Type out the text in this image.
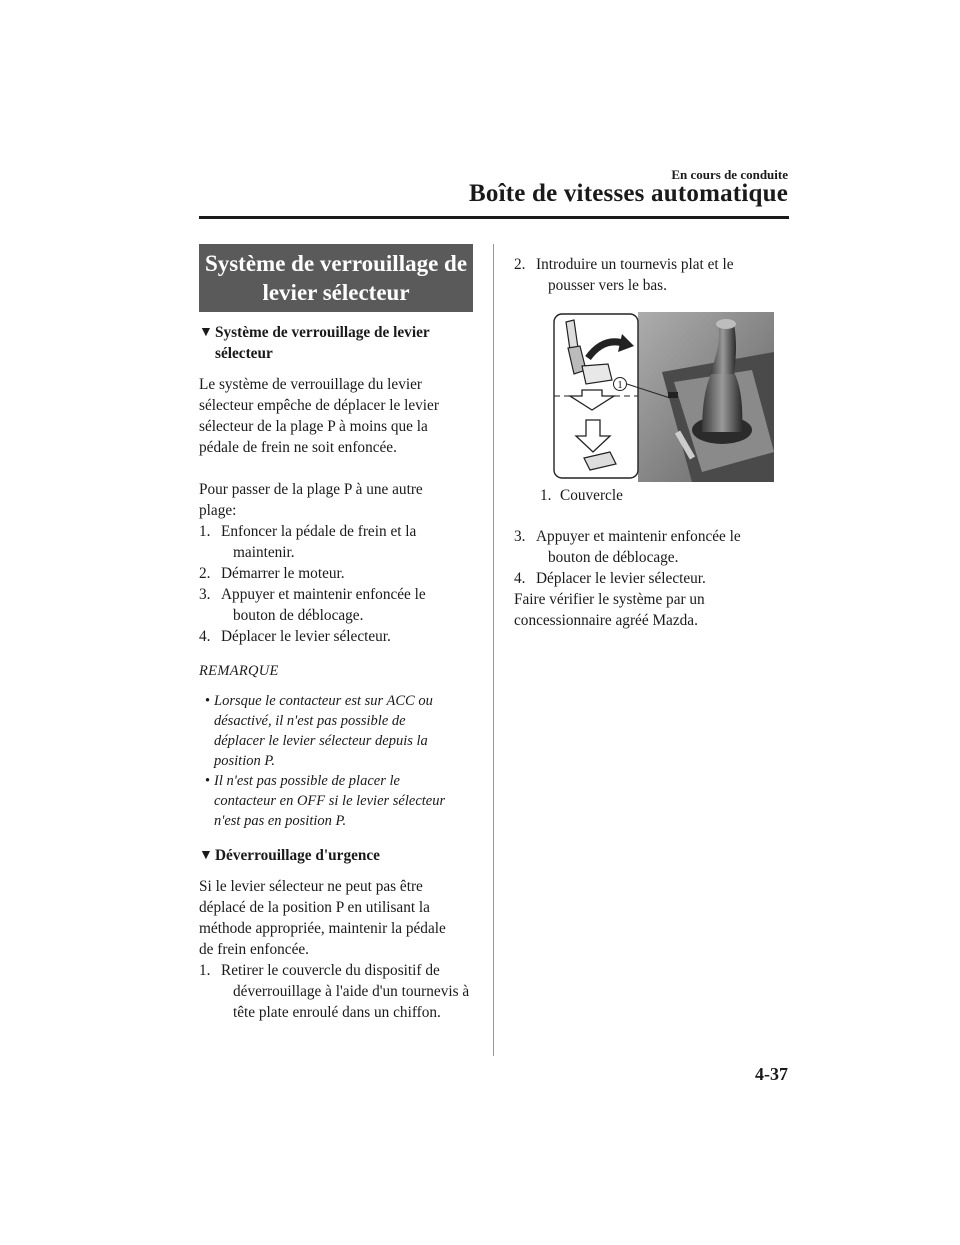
En cours de conduite
Boîte de vitesses automatique
Système de verrouillage de
levier sélecteur
▼ Système de verrouillage de levier
sélecteur

Le système de verrouillage du levier

sélecteur empêche de déplacer le levier

sélecteur de la plage P à moins que la

pédale de frein ne soit enfoncée.

Pour passer de la plage P à une autre

plage:

1. Enfoncer la pédale de frein et la
maintenir.
2. Démarrer le moteur.
3. Appuyer et maintenir enfoncée le
bouton de déblocage.
4. Déplacer le levier sélecteur.
REMARQUE
• Lorsque le contacteur est sur ACC ou
désactivé, il n'est pas possible de
déplacer le levier sélecteur depuis la
position P.
• Il n'est pas possible de placer le
contacteur en OFF si le levier sélecteur
n'est pas en position P.
▼ Déverrouillage d'urgence

Si le levier sélecteur ne peut pas être

déplacé de la position P en utilisant la

méthode appropriée, maintenir la pédale

de frein enfoncée.

1. Retirer le couvercle du dispositif de
déverrouillage à l'aide d'un tournevis à
tête plate enroulé dans un chiffon.
2. Introduire un tournevis plat et le
pousser vers le bas.
1
1. Couvercle
3. Appuyer et maintenir enfoncée le
bouton de déblocage.
4. Déplacer le levier sélecteur.

Faire vérifier le système par un

concessionnaire agréé Mazda.

4-37
